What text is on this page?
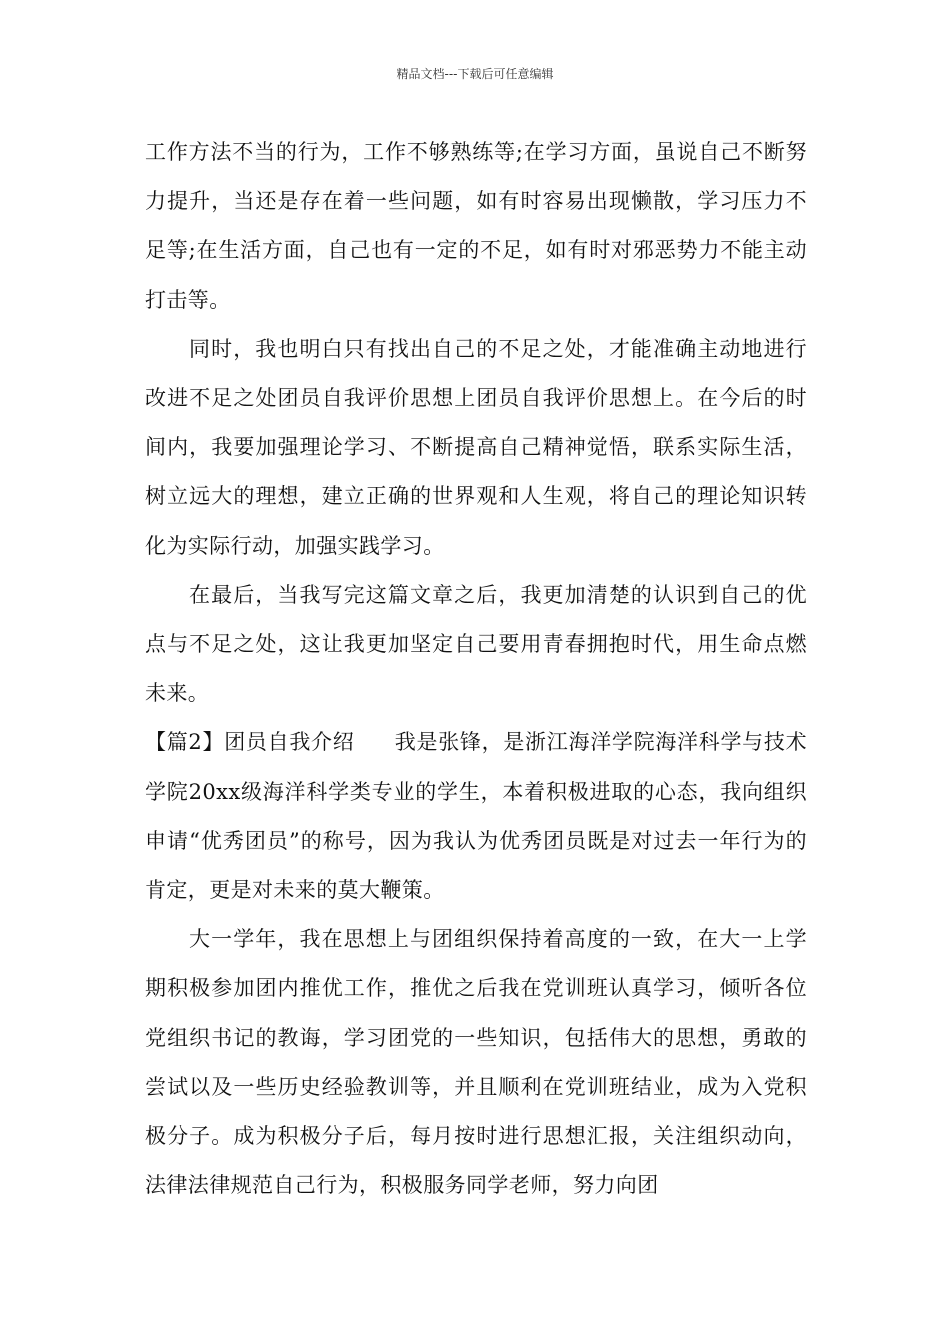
精品文档---下载后可任意编辑

工作方法不当的行为，工作不够熟练等;在学习方面，虽说自己不断努力提升，当还是存在着一些问题，如有时容易出现懒散，学习压力不足等;在生活方面，自己也有一定的不足，如有时对邪恶势力不能主动打击等。

同时，我也明白只有找出自己的不足之处，才能准确主动地进行改进不足之处团员自我评价思想上团员自我评价思想上。在今后的时间内，我要加强理论学习、不断提高自己精神觉悟，联系实际生活，树立远大的理想，建立正确的世界观和人生观，将自己的理论知识转化为实际行动，加强实践学习。

在最后，当我写完这篇文章之后，我更加清楚的认识到自己的优点与不足之处，这让我更加坚定自己要用青春拥抱时代，用生命点燃未来。

【篇2】团员自我介绍 我是张锋，是浙江海洋学院海洋科学与技术学院20xx级海洋科学类专业的学生，本着积极进取的心态，我向组织申请“优秀团员”的称号，因为我认为优秀团员既是对过去一年行为的肯定，更是对未来的莫大鞭策。

大一学年，我在思想上与团组织保持着高度的一致，在大一上学期积极参加团内推优工作，推优之后我在党训班认真学习，倾听各位党组织书记的教诲，学习团党的一些知识，包括伟大的思想，勇敢的尝试以及一些历史经验教训等，并且顺利在党训班结业，成为入党积极分子。成为积极分子后，每月按时进行思想汇报，关注组织动向，法律法律规范自己行为，积极服务同学老师，努力向团
